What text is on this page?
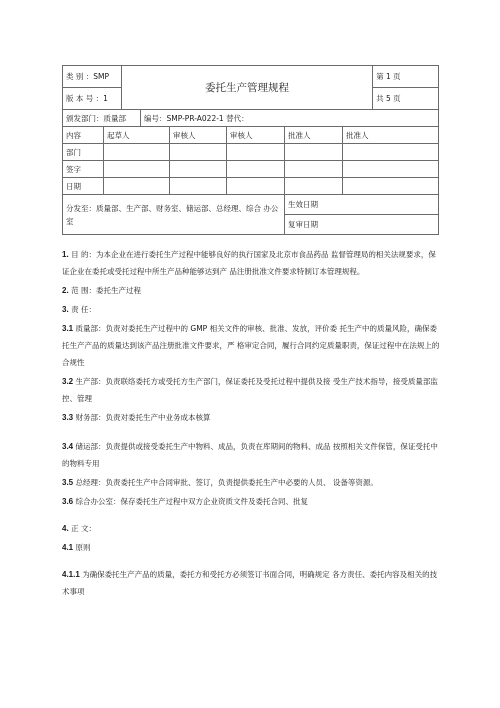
类 别 ：SMP		委托生产管理规程						第 1 页
版 本 号 ：1								共 5 页
颁发部门：质量部			编号：SMP-PR-A022-1 替代：					
内容	起草人			审核人	审核人	批准人	批准人	
部门								
签字								
日期								
分发至：质量部、生产部、财务室、储运部、总经理、综合 办公室						生效日期		
						复审日期		

1. 目 的：为本企业在进行委托生产过程中能够良好的执行国家及北京市食品药品 监督管理局的相关法规要求，保证企业在委托或受托过程中所生产品种能够达到产 品注册批准文件要求特制订本管理规程。

2. 范 围：委托生产过程

3. 责 任：

3.1 质量部：负责对委托生产过程中的 GMP 相关文件的审核、批准、发放，评价委 托生产中的质量风险，确保委托生产产品的质量达到该产品注册批准文件要求，严 格审定合同，履行合同约定质量职责，保证过程中在法规上的合规性

3.2 生产部：负责联络委托方或受托方生产部门，保证委托及受托过程中提供及接 受生产技术指导，接受质量部监控、管理

3.3 财务部：负责对委托生产中业务成本核算

3.4 储运部：负责提供或接受委托生产中物料、成品，负责在库期间的物料、成品 按照相关文件保管，保证受托中的物料专用

3.5 总经理：负责委托生产中合同审批、签订，负责提供委托生产中必要的人员、 设备等资源。

3.6 综合办公室：保存委托生产过程中双方企业资质文件及委托合同、批复

4. 正 文：

4.1 原则

4.1.1 为确保委托生产产品的质量，委托方和受托方必须签订书面合同，明确规定 各方责任、委托内容及相关的技术事项
